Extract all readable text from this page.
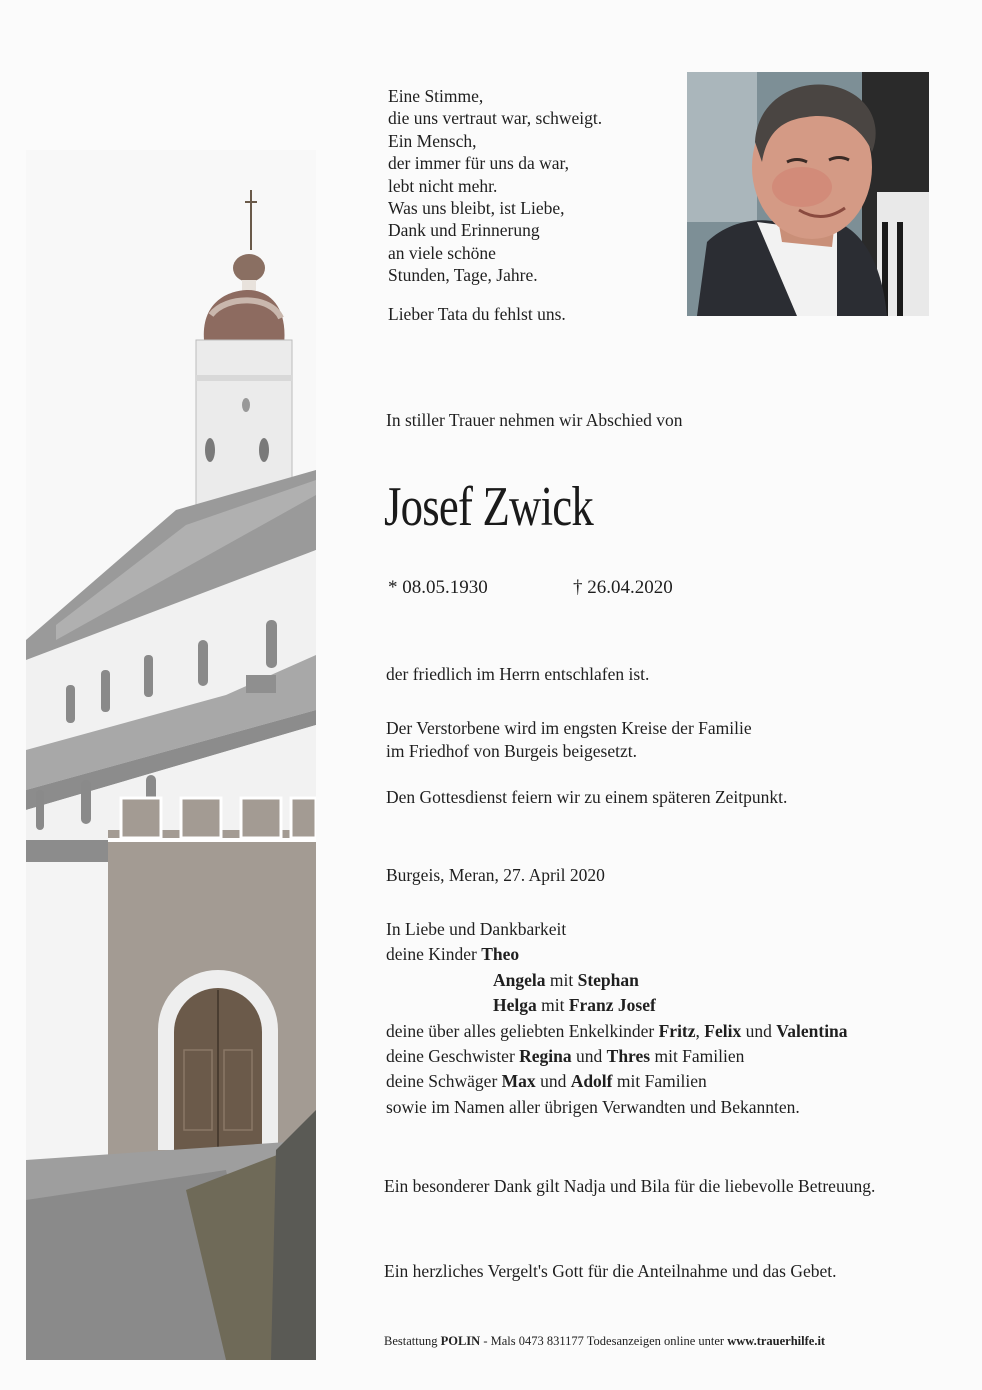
Eine Stimme,
die uns vertraut war, schweigt.
Ein Mensch,
der immer für uns da war,
lebt nicht mehr.
Was uns bleibt, ist Liebe,
Dank und Erinnerung
an viele schöne
Stunden, Tage, Jahre.
Lieber Tata du fehlst uns.
In stiller Trauer nehmen wir Abschied von
Josef Zwick
* 08.05.1930	† 26.04.2020
der friedlich im Herrn entschlafen ist.
Der Verstorbene wird im engsten Kreise der Familie
im Friedhof von Burgeis beigesetzt.
Den Gottesdienst feiern wir zu einem späteren Zeitpunkt.
Burgeis, Meran, 27. April 2020
In Liebe und Dankbarkeit
deine Kinder Theo
Angela mit Stephan
Helga mit Franz Josef
deine über alles geliebten Enkelkinder Fritz, Felix und Valentina
deine Geschwister Regina und Thres mit Familien
deine Schwäger Max und Adolf mit Familien
sowie im Namen aller übrigen Verwandten und Bekannten.
Ein besonderer Dank gilt Nadja und Bila für die liebevolle Betreuung.
Ein herzliches Vergelt's Gott für die Anteilnahme und das Gebet.
Bestattung POLIN - Mals 0473 831177 Todesanzeigen online unter www.trauerhilfe.it
